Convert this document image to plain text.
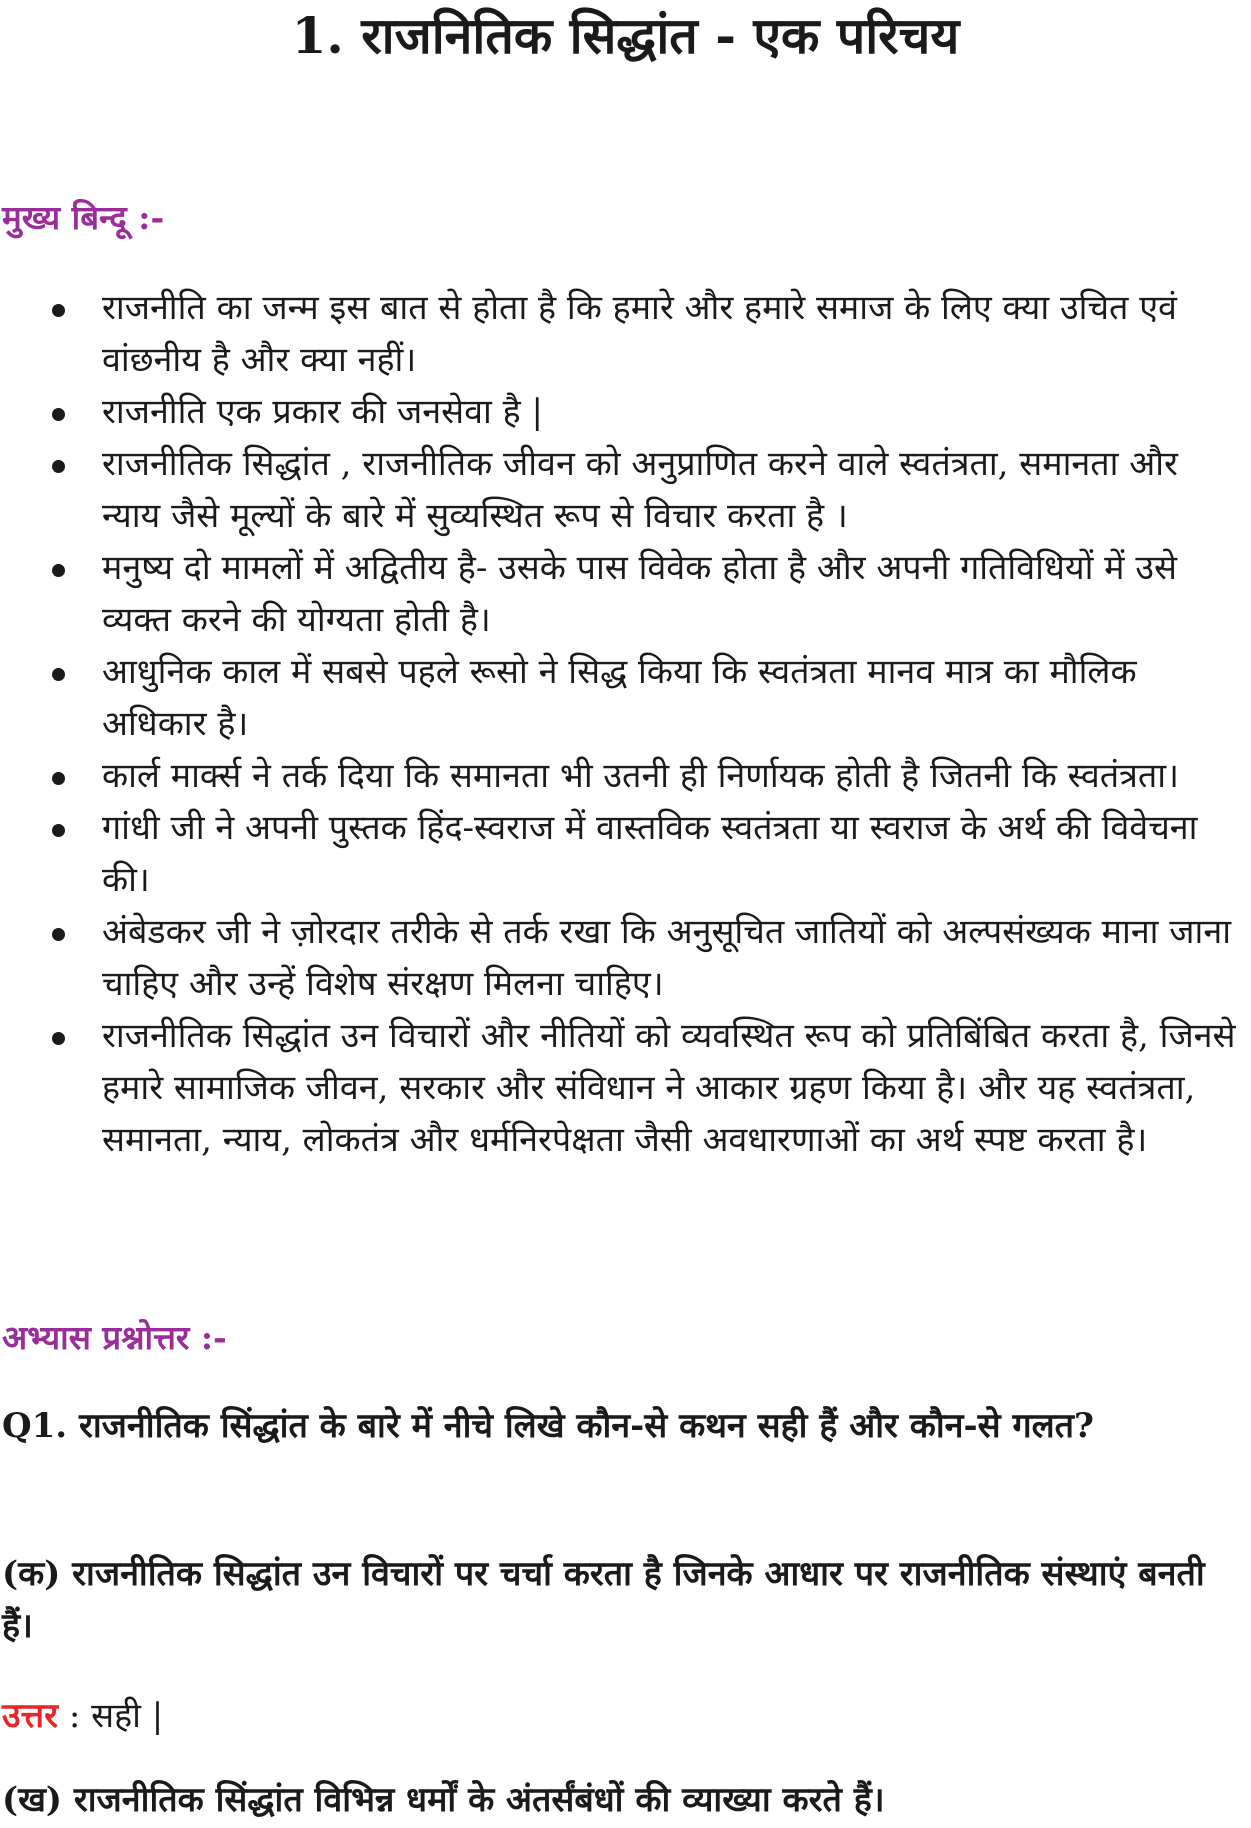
1. राजनितिक सिद्धांत - एक परिचय
मुख्य बिन्दू :-
राजनीति का जन्म इस बात से होता है कि हमारे और हमारे समाज के लिए क्या उचित एवं वांछनीय है और क्या नहीं।
राजनीति एक प्रकार की जनसेवा है |
राजनीतिक सिद्धांत , राजनीतिक जीवन को अनुप्राणित करने वाले स्वतंत्रता, समानता और न्याय जैसे मूल्यों के बारे में सुव्यस्थित रूप से विचार करता है ।
मनुष्य दो मामलों में अद्वितीय है- उसके पास विवेक होता है और अपनी गतिविधियों में उसे व्यक्त करने की योग्यता होती है।
आधुनिक काल में सबसे पहले रूसो ने सिद्ध किया कि स्वतंत्रता मानव मात्र का मौलिक अधिकार है।
कार्ल मार्क्स ने तर्क दिया कि समानता भी उतनी ही निर्णायक होती है जितनी कि स्वतंत्रता।
गांधी जी ने अपनी पुस्तक हिंद-स्वराज में वास्तविक स्वतंत्रता या स्वराज के अर्थ की विवेचना की।
अंबेडकर जी ने ज़ोरदार तरीके से तर्क रखा कि अनुसूचित जातियों को अल्पसंख्यक माना जाना चाहिए और उन्हें विशेष संरक्षण मिलना चाहिए।
राजनीतिक सिद्धांत उन विचारों और नीतियों को व्यवस्थित रूप को प्रतिबिंबित करता है, जिनसे हमारे सामाजिक जीवन, सरकार और संविधान ने आकार ग्रहण किया है। और यह स्वतंत्रता, समानता, न्याय, लोकतंत्र और धर्मनिरपेक्षता जैसी अवधारणाओं का अर्थ स्पष्ट करता है।
अभ्यास प्रश्नोत्तर :-
Q1. राजनीतिक सिंद्धांत के बारे में नीचे लिखे कौन-से कथन सही हैं और कौन-से गलत?
(क) राजनीतिक सिद्धांत उन विचारों पर चर्चा करता है जिनके आधार पर राजनीतिक संस्थाएं बनती हैं।
उत्तर : सही |
(ख) राजनीतिक सिंद्धांत विभिन्न धर्मों के अंतर्संबंधों की व्याख्या करते हैं।
